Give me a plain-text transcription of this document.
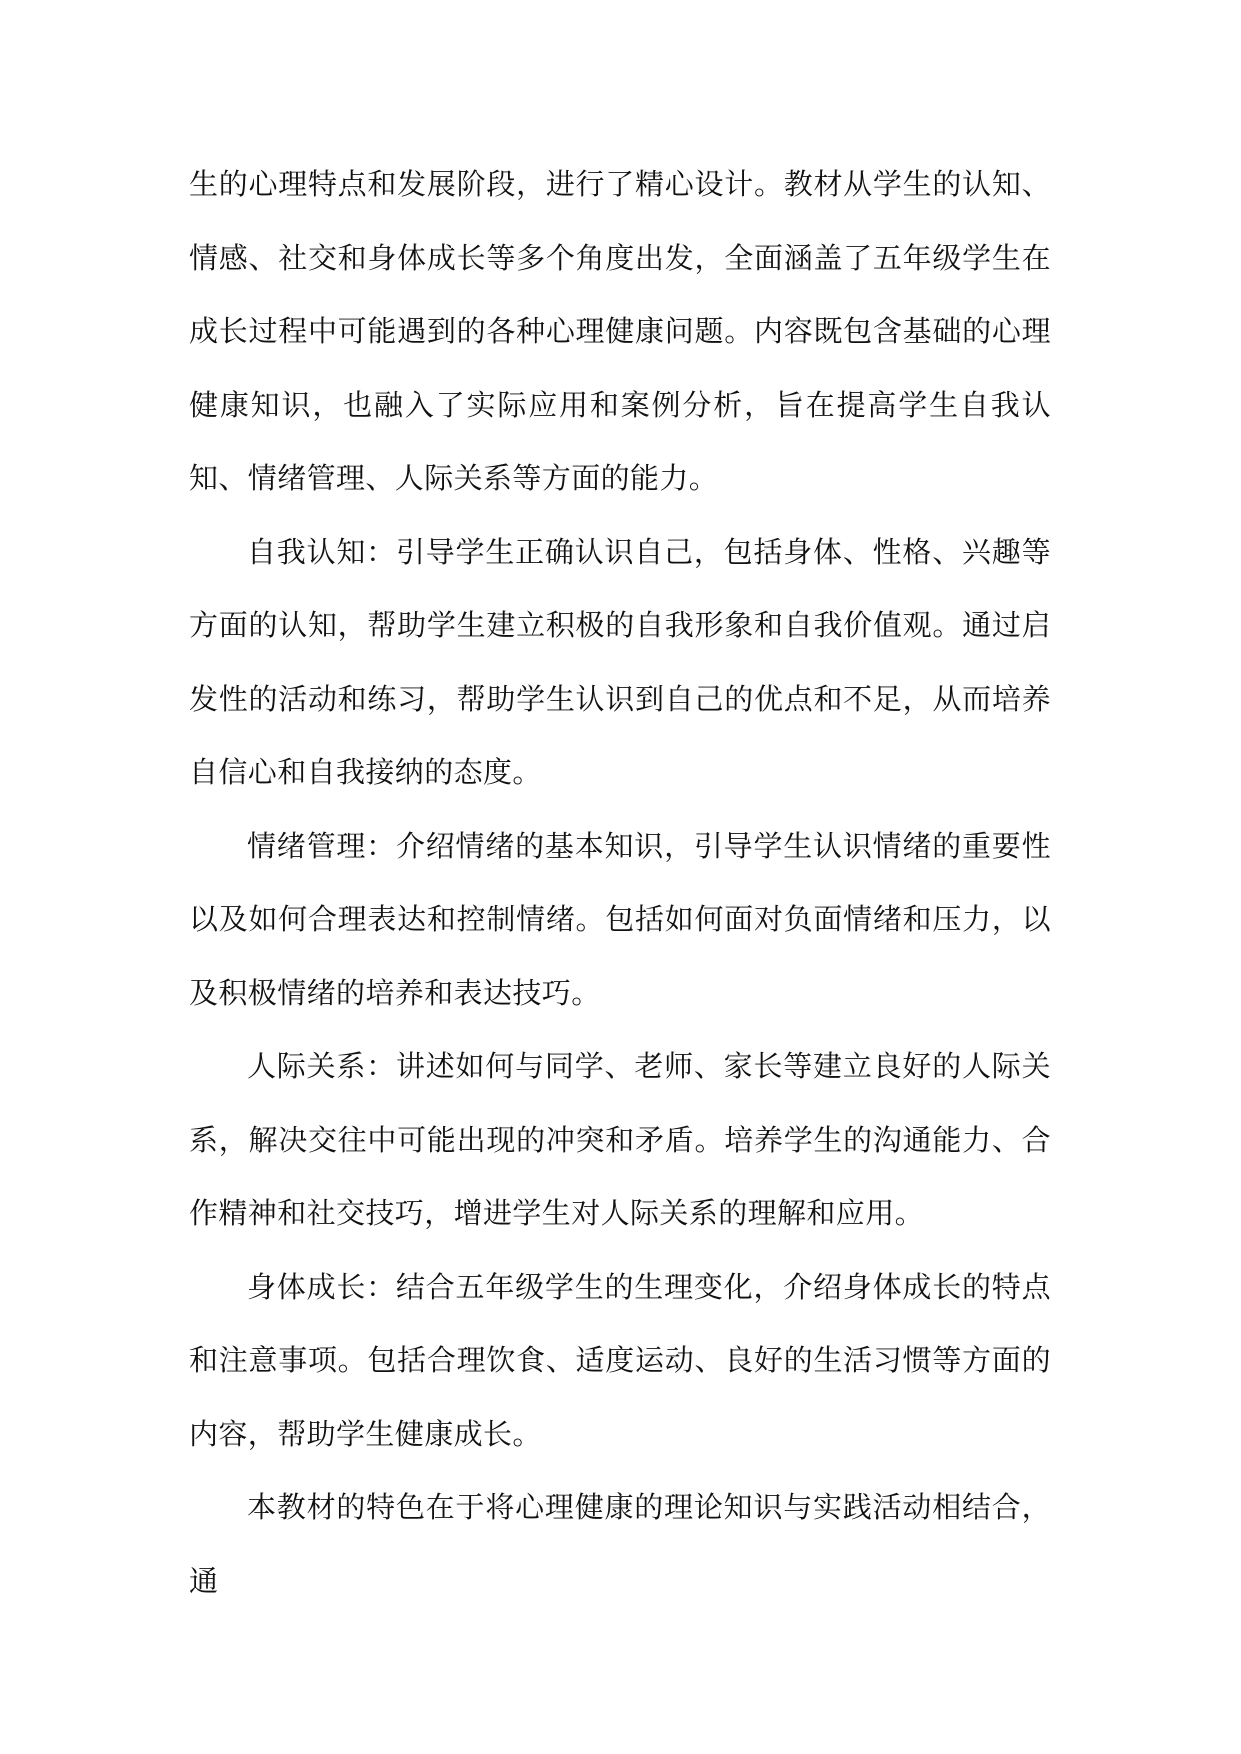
生的心理特点和发展阶段，进行了精心设计。教材从学生的认知、情感、社交和身体成长等多个角度出发，全面涵盖了五年级学生在成长过程中可能遇到的各种心理健康问题。内容既包含基础的心理健康知识，也融入了实际应用和案例分析，旨在提高学生自我认知、情绪管理、人际关系等方面的能力。

自我认知：引导学生正确认识自己，包括身体、性格、兴趣等方面的认知，帮助学生建立积极的自我形象和自我价值观。通过启发性的活动和练习，帮助学生认识到自己的优点和不足，从而培养自信心和自我接纳的态度。

情绪管理：介绍情绪的基本知识，引导学生认识情绪的重要性以及如何合理表达和控制情绪。包括如何面对负面情绪和压力，以及积极情绪的培养和表达技巧。

人际关系：讲述如何与同学、老师、家长等建立良好的人际关系，解决交往中可能出现的冲突和矛盾。培养学生的沟通能力、合作精神和社交技巧，增进学生对人际关系的理解和应用。

身体成长：结合五年级学生的生理变化，介绍身体成长的特点和注意事项。包括合理饮食、适度运动、良好的生活习惯等方面的内容，帮助学生健康成长。

本教材的特色在于将心理健康的理论知识与实践活动相结合，通
